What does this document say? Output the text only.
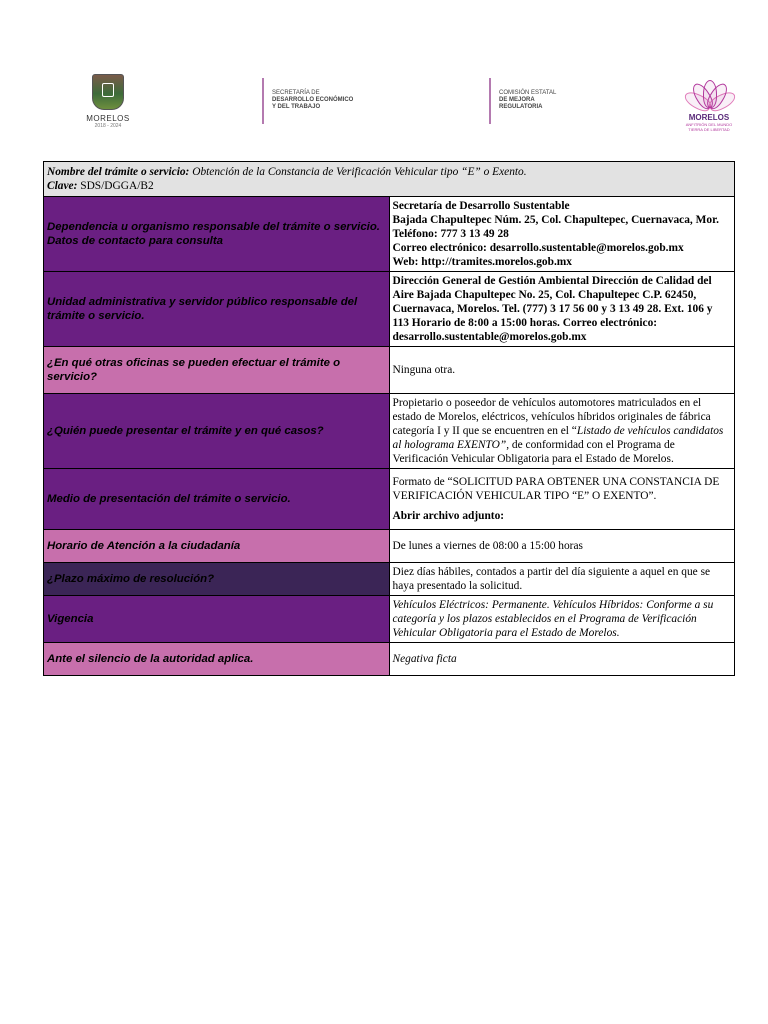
MORELOS
2018 - 2024
SECRETARÍA DE
DESARROLLO ECONÓMICO
Y DEL TRABAJO
COMISIÓN ESTATAL
DE MEJORA
REGULATORIA
MORELOS
ANFITRIÓN DEL MUNDO
TIERRA DE LIBERTAD
Nombre del trámite o servicio: Obtención de la Constancia de Verificación Vehicular tipo “E” o Exento.
Clave: SDS/DGGA/B2	
Dependencia u organismo responsable del trámite o servicio. Datos de contacto para consulta	Secretaría de Desarrollo Sustentable
Bajada Chapultepec Núm. 25, Col. Chapultepec, Cuernavaca, Mor.
Teléfono: 777 3 13 49 28
Correo electrónico: desarrollo.sustentable@morelos.gob.mx
Web: http://tramites.morelos.gob.mx

Unidad administrativa y servidor público responsable del trámite o servicio.	Dirección General de Gestión Ambiental Dirección de Calidad del Aire Bajada Chapultepec No. 25, Col. Chapultepec C.P. 62450, Cuernavaca, Morelos. Tel. (777) 3 17 56 00 y 3 13 49 28. Ext. 106 y 113 Horario de 8:00 a 15:00 horas. Correo electrónico: desarrollo.sustentable@morelos.gob.mx
¿En qué otras oficinas se pueden efectuar el trámite o servicio?	Ninguna otra.
¿Quién puede presentar el trámite y en qué casos?	Propietario o poseedor de vehículos automotores matriculados en el estado de Morelos, eléctricos, vehículos híbridos originales de fábrica categoría I y II que se encuentren en el “Listado de vehículos candidatos al holograma EXENTO”, de conformidad con el Programa de Verificación Vehicular Obligatoria para el Estado de Morelos.
Medio de presentación del trámite o servicio.	Formato de “SOLICITUD PARA OBTENER UNA CONSTANCIA DE VERIFICACIÓN VEHICULAR TIPO “E” O EXENTO”.
Abrir archivo adjunto:

Horario de Atención a la ciudadanía	De lunes a viernes de 08:00 a 15:00 horas
¿Plazo máximo de resolución?	Diez días hábiles, contados a partir del día siguiente a aquel en que se haya presentado la solicitud.
Vigencia	Vehículos Eléctricos: Permanente. Vehículos Híbridos: Conforme a su categoría y los plazos establecidos en el Programa de Verificación Vehicular Obligatoria para el Estado de Morelos.
Ante el silencio de la autoridad aplica.	Negativa ficta
